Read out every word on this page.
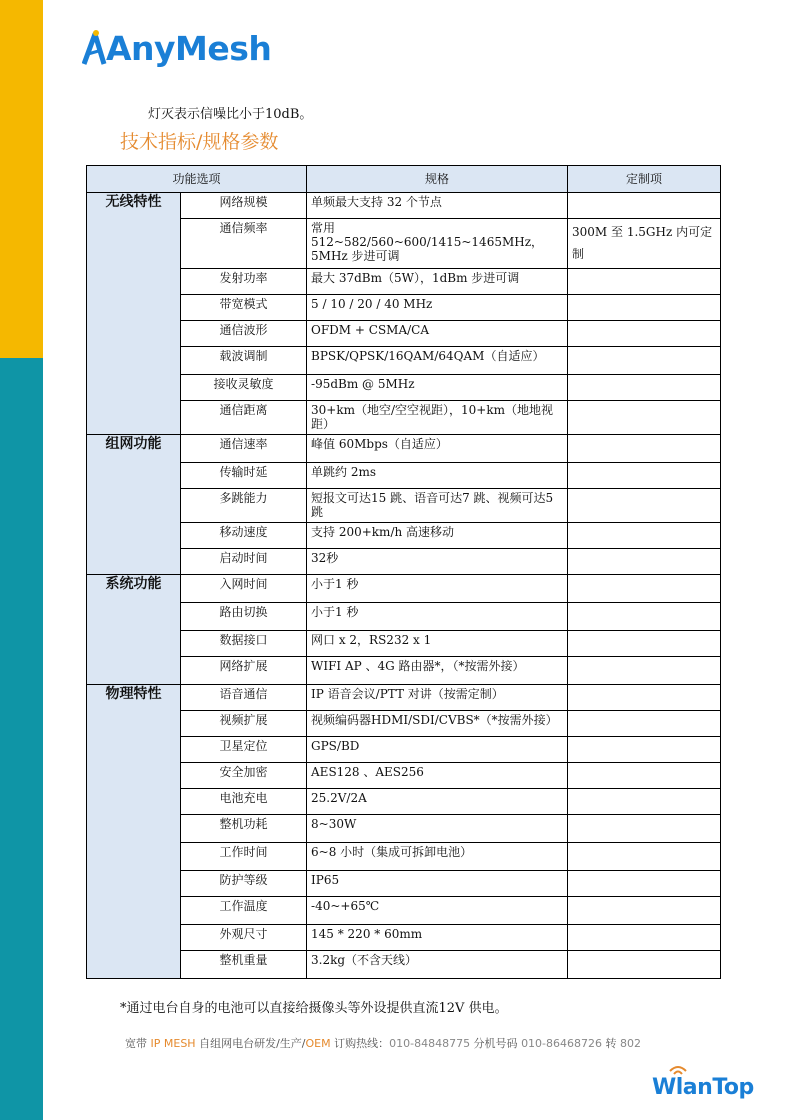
AnyMesh
灯灭表示信噪比小于10dB。
技术指标/规格参数
功能选项		规格	定制项
无线特性	网络规模	单频最大支持 32 个节点	
	通信频率	常用512~582/560~600/1415~1465MHz，5MHz 步进可调	300M 至 1.5GHz 内可定制
	发射功率	最大 37dBm（5W），1dBm 步进可调	
	带宽模式	5 / 10 / 20 / 40 MHz	
	通信波形	OFDM + CSMA/CA	
	载波调制	BPSK/QPSK/16QAM/64QAM（自适应）	
	接收灵敏度	-95dBm @ 5MHz	
	通信距离	30+km（地空/空空视距），10+km（地地视距）	
组网功能	通信速率	峰值 60Mbps（自适应）	
	传输时延	单跳约 2ms	
	多跳能力	短报文可达15 跳、语音可达7 跳、视频可达5 跳	
	移动速度	支持 200+km/h 高速移动	
	启动时间	32秒	
系统功能	入网时间	小于1 秒	
	路由切换	小于1 秒	
	数据接口	网口 x 2，RS232 x 1	
	网络扩展	WIFI AP 、4G 路由器*，（*按需外接）	
物理特性	语音通信	IP 语音会议/PTT 对讲（按需定制）	
	视频扩展	视频编码器HDMI/SDI/CVBS*（*按需外接）	
	卫星定位	GPS/BD	
	安全加密	AES128 、AES256	
	电池充电	25.2V/2A	
	整机功耗	8~30W	
	工作时间	6~8 小时（集成可拆卸电池）	
	防护等级	IP65	
	工作温度	-40~+65℃	
	外观尺寸	145 * 220 * 60mm	
	整机重量	3.2kg（不含天线）	
*通过电台自身的电池可以直接给摄像头等外设提供直流12V 供电。
宽带 IP MESH 自组网电台研发/生产/OEM 订购热线：010-84848775 分机号码 010-86468726 转 802
WlanTop
